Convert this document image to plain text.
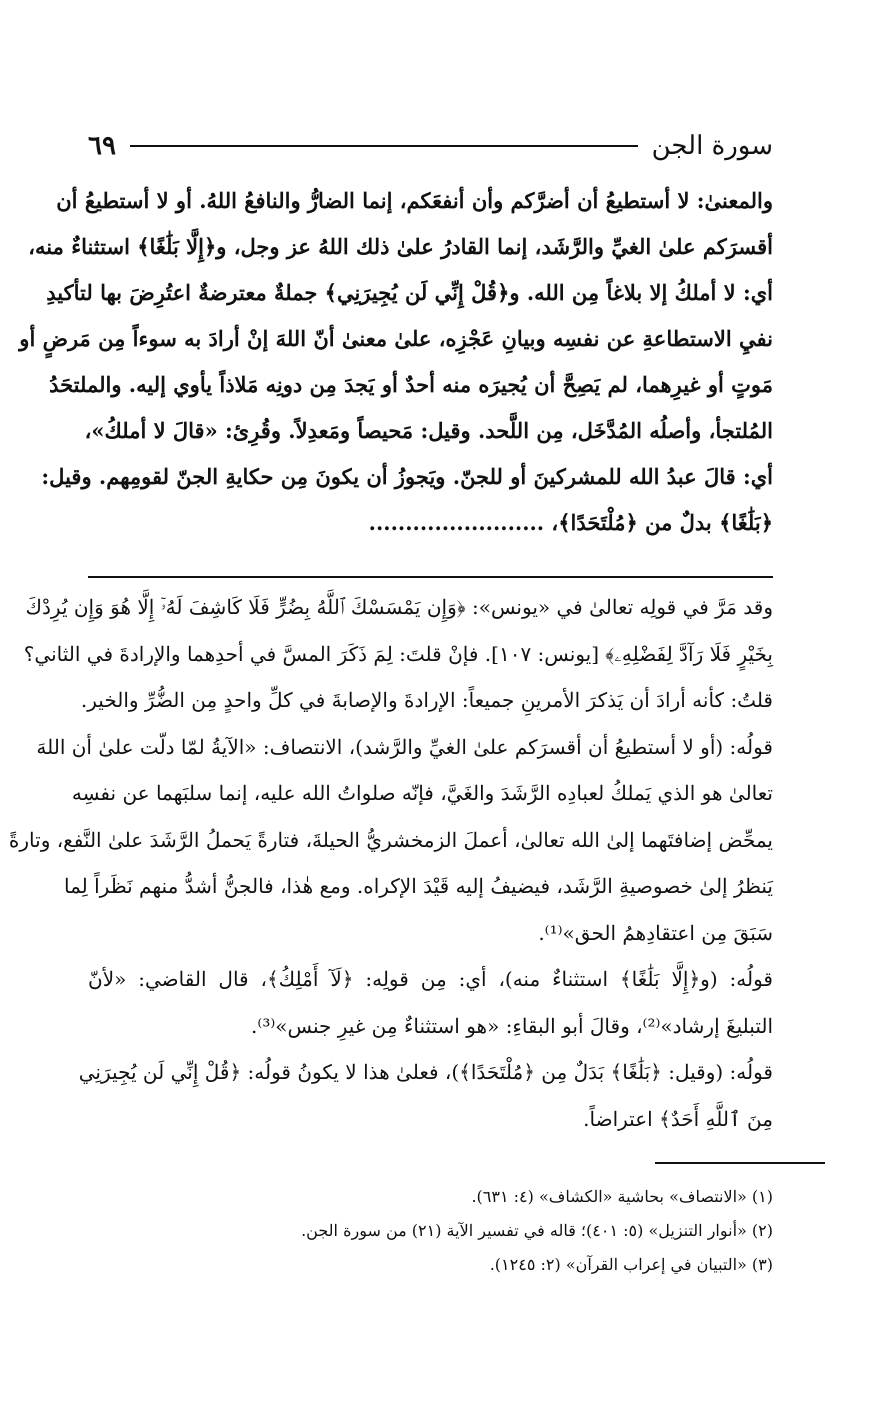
سورة الجن
٦٩
والمعنىٰ: لا أستطيعُ أن أضرَّكم وأن أنفعَكم، إنما الضارُّ والنافعُ اللهُ. أو لا أستطيعُ أن
أقسرَكم علىٰ الغيِّ والرَّشَد، إنما القادرُ علىٰ ذلك اللهُ عز وجل، و﴿إِلَّا بَلَٰغًا﴾ استثناءٌ منه،
أي: لا أملكُ إلا بلاغاً مِن الله. و﴿قُلْ إِنِّي لَن يُجِيرَنِي﴾ جملةٌ معترضةٌ اعتُرِضَ بها لتأكيدِ
نفيِ الاستطاعةِ عن نفسِه وبيانِ عَجْزِه، علىٰ معنىٰ أنّ اللهَ إنْ أرادَ به سوءاً مِن مَرضٍ أو
مَوتٍ أو غيرِهما، لم يَصِحَّ أن يُجيرَه منه أحدٌ أو يَجدَ مِن دونِه مَلاذاً يأوي إليه. والملتحَدُ
المُلتجأ، وأصلُه المُدَّخَل، مِن اللَّحد. وقيل: مَحيصاً ومَعدِلاً. وقُرِئ: «قالَ لا أملكُ»،
أي: قالَ عبدُ الله للمشركينَ أو للجنّ. ويَجوزُ أن يكونَ مِن حكايةِ الجنّ لقومِهم. وقيل:
﴿بَلَٰغًا﴾ بدلٌ من ﴿مُلْتَحَدًا﴾، ........................
وقد مَرَّ في قولِه تعالىٰ في «يونس»: ﴿وَإِن يَمْسَسْكَ ٱللَّهُ بِضُرٍّ فَلَا كَاشِفَ لَهُۥٓ إِلَّا هُوَ وَإِن يُرِدْكَ
بِخَيْرٍ فَلَا رَآدَّ لِفَضْلِهِۦ﴾ [يونس: ١٠٧]. فإنْ قلتَ: لِمَ ذَكَرَ المسَّ في أحدِهما والإرادةَ في الثاني؟
قلتُ: كأنه أرادَ أن يَذكرَ الأمرينِ جميعاً: الإرادةَ والإصابةَ في كلِّ واحدٍ مِن الضُّرِّ والخير.
قولُه: (أو لا أستطيعُ أن أقسرَكم علىٰ الغيِّ والرَّشد)، الانتصاف: «الآيةُ لمّا دلّت علىٰ أن اللهَ
تعالىٰ هو الذي يَملكُ لعبادِه الرَّشَدَ والغَيَّ، فإنّه صلواتُ الله عليه، إنما سلبَهما عن نفسِه
يمحِّض إضافتَهما إلىٰ الله تعالىٰ، أعملَ الزمخشريُّ الحيلةَ، فتارةً يَحملُ الرَّشَدَ علىٰ النَّفع، وتارةً
يَنظرُ إلىٰ خصوصيةِ الرَّشَد، فيضيفُ إليه قَيْدَ الإكراه. ومع هٰذا، فالجنُّ أشدُّ منهم نَظَراً لِما
سَبَقَ مِن اعتقادِهمُ الحق»⁽¹⁾.
قولُه: (و﴿إِلَّا بَلَٰغًا﴾ استثناءٌ منه)، أي: مِن قولِه: ﴿لَآ أَمْلِكُ﴾، قال القاضي: «لأنّ
التبليغَ إرشاد»⁽²⁾، وقالَ أبو البقاءِ: «هو استثناءٌ مِن غيرِ جنس»⁽³⁾.
قولُه: (وقيل: ﴿بَلَٰغًا﴾ بَدَلٌ مِن ﴿مُلْتَحَدًا﴾)، فعلىٰ هذا لا يكونُ قولُه: ﴿قُلْ إِنِّي لَن يُجِيرَنِي
مِنَ ٱللَّهِ أَحَدٌ﴾ اعتراضاً.
(١) «الانتصاف» بحاشية «الكشاف» (٤: ٦٣١).
(٢) «أنوار التنزيل» (٥: ٤٠١)؛ قاله في تفسير الآية (٢١) من سورة الجن.
(٣) «التبيان في إعراب القرآن» (٢: ١٢٤٥).
